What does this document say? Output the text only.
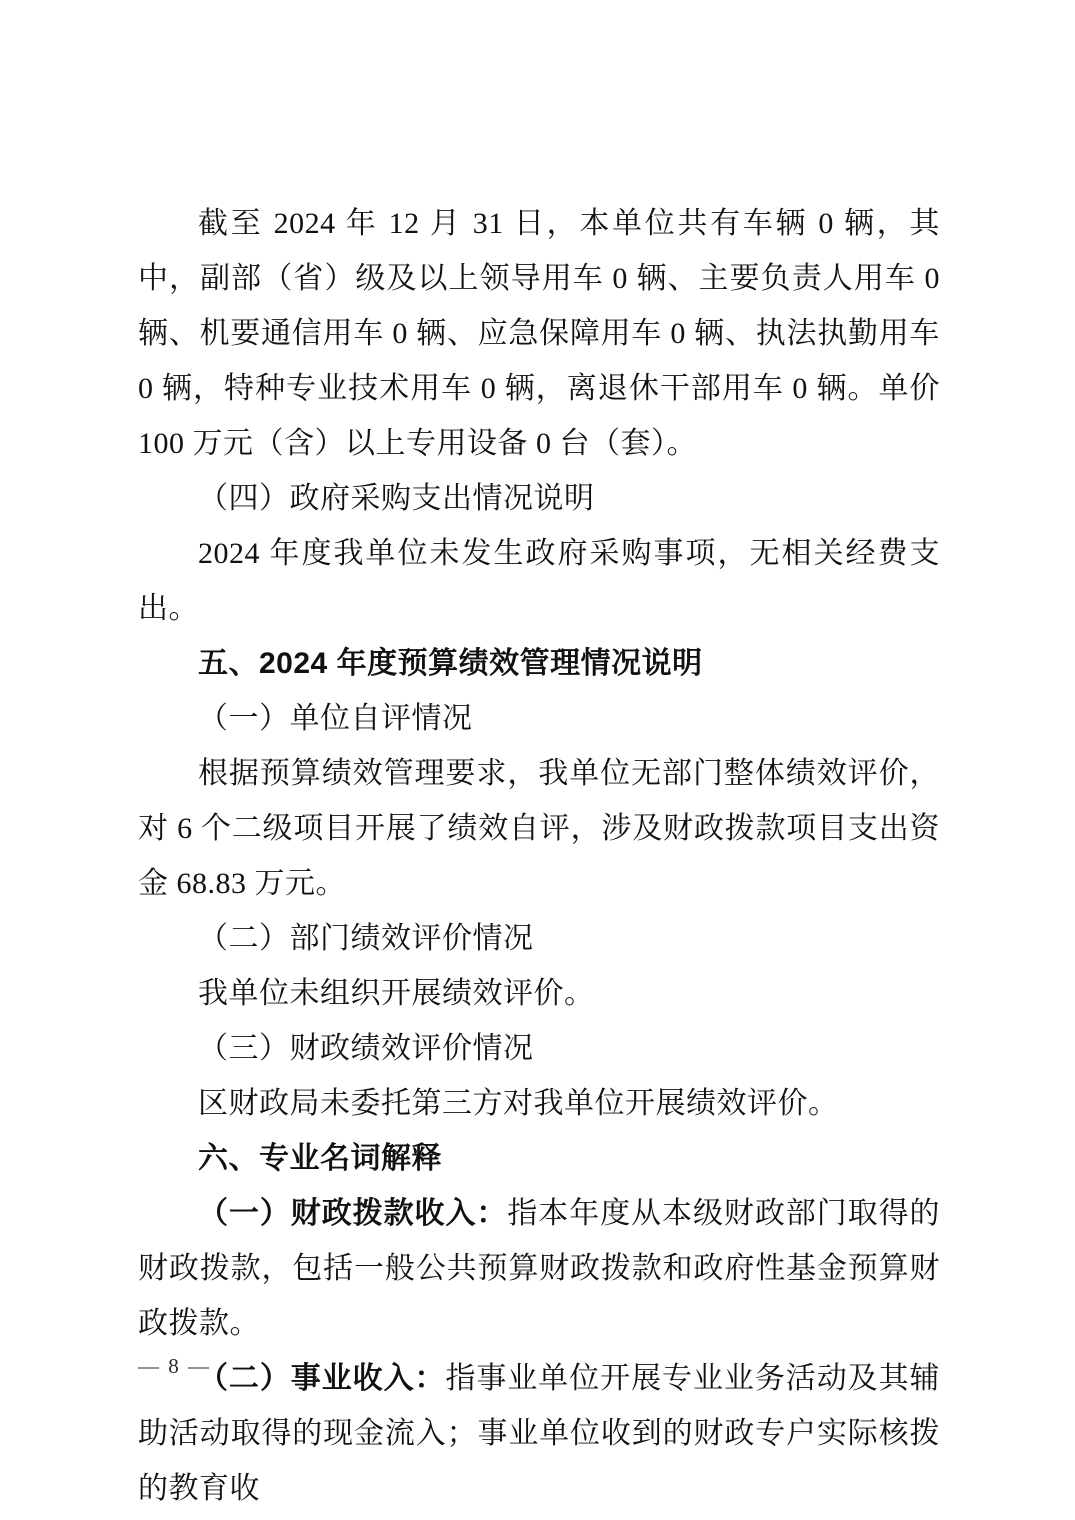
截至 2024 年 12 月 31 日，本单位共有车辆 0 辆，其中，副部（省）级及以上领导用车 0 辆、主要负责人用车 0 辆、机要通信用车 0 辆、应急保障用车 0 辆、执法执勤用车 0 辆，特种专业技术用车 0 辆，离退休干部用车 0 辆。单价 100 万元（含）以上专用设备 0 台（套）。

（四）政府采购支出情况说明

2024 年度我单位未发生政府采购事项，无相关经费支出。

五、2024 年度预算绩效管理情况说明

（一）单位自评情况

根据预算绩效管理要求，我单位无部门整体绩效评价，对 6 个二级项目开展了绩效自评，涉及财政拨款项目支出资金 68.83 万元。

（二）部门绩效评价情况

我单位未组织开展绩效评价。

（三）财政绩效评价情况

区财政局未委托第三方对我单位开展绩效评价。

六、专业名词解释

（一）财政拨款收入：指本年度从本级财政部门取得的财政拨款，包括一般公共预算财政拨款和政府性基金预算财政拨款。

（二）事业收入：指事业单位开展专业业务活动及其辅助活动取得的现金流入；事业单位收到的财政专户实际核拨的教育收

— 8 —
